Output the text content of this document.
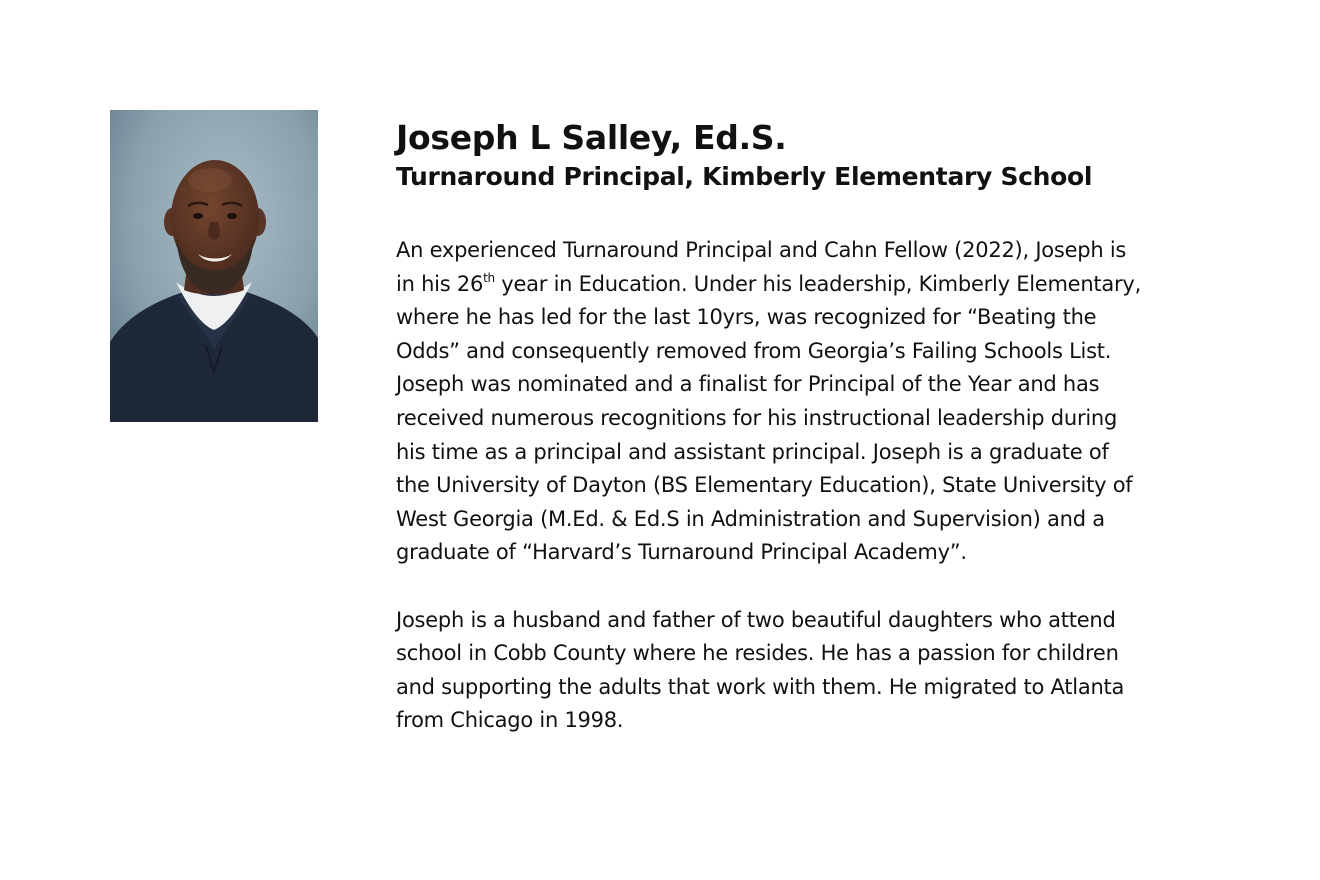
Joseph L Salley, Ed.S.
Turnaround Principal, Kimberly Elementary School

An experienced Turnaround Principal and Cahn Fellow (2022), Joseph is
in his 26th year in Education. Under his leadership, Kimberly Elementary,
where he has led for the last 10yrs, was recognized for “Beating the
Odds” and consequently removed from Georgia’s Failing Schools List.
Joseph was nominated and a finalist for Principal of the Year and has
received numerous recognitions for his instructional leadership during
his time as a principal and assistant principal. Joseph is a graduate of
the University of Dayton (BS Elementary Education), State University of
West Georgia (M.Ed. & Ed.S in Administration and Supervision) and a
graduate of “Harvard’s Turnaround Principal Academy”.

Joseph is a husband and father of two beautiful daughters who attend
school in Cobb County where he resides. He has a passion for children
and supporting the adults that work with them. He migrated to Atlanta
from Chicago in 1998.
